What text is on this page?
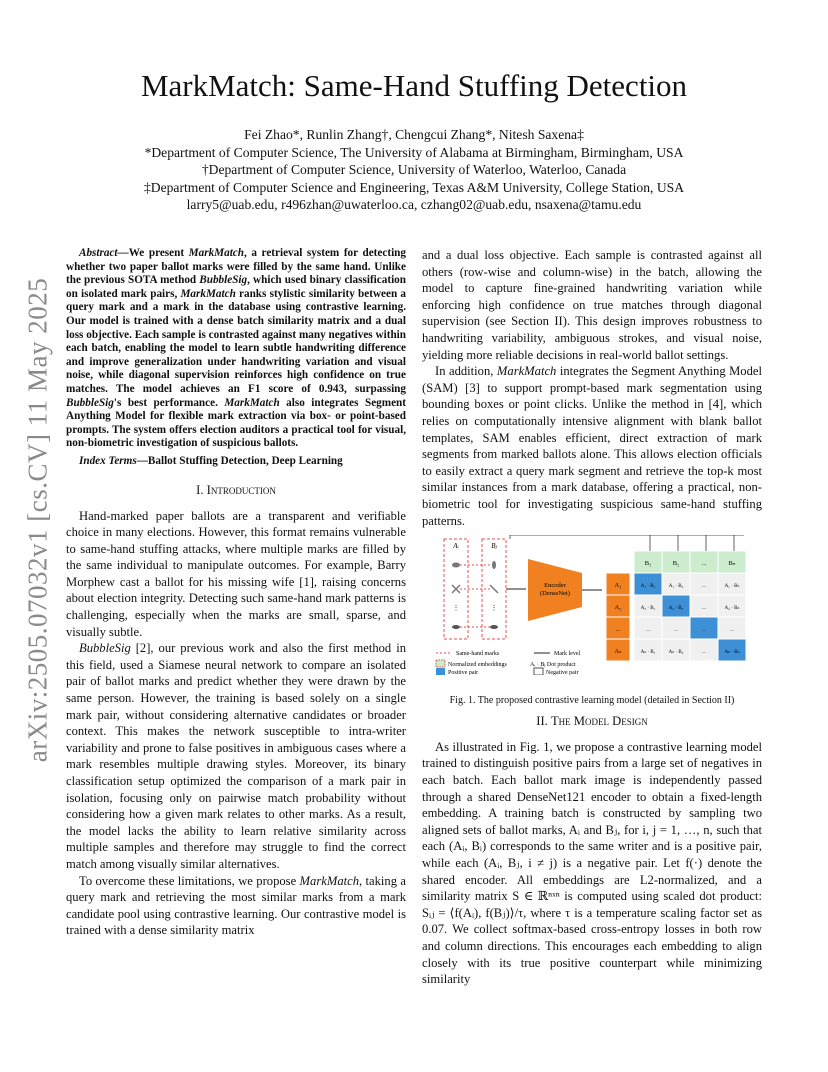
arXiv:2505.07032v1 [cs.CV] 11 May 2025
MarkMatch: Same-Hand Stuffing Detection
Fei Zhao*, Runlin Zhang†, Chengcui Zhang*, Nitesh Saxena‡
*Department of Computer Science, The University of Alabama at Birmingham, Birmingham, USA
†Department of Computer Science, University of Waterloo, Waterloo, Canada
‡Department of Computer Science and Engineering, Texas A&M University, College Station, USA
larry5@uab.edu, r496zhan@uwaterloo.ca, czhang02@uab.edu, nsaxena@tamu.edu

Abstract—We present MarkMatch, a retrieval system for detecting whether two paper ballot marks were filled by the same hand. Unlike the previous SOTA method BubbleSig, which used binary classification on isolated mark pairs, MarkMatch ranks stylistic similarity between a query mark and a mark in the database using contrastive learning. Our model is trained with a dense batch similarity matrix and a dual loss objective. Each sample is contrasted against many negatives within each batch, enabling the model to learn subtle handwriting difference and improve generalization under handwriting variation and visual noise, while diagonal supervision reinforces high confidence on true matches. The model achieves an F1 score of 0.943, surpassing BubbleSig's best performance. MarkMatch also integrates Segment Anything Model for flexible mark extraction via box- or point-based prompts. The system offers election auditors a practical tool for visual, non-biometric investigation of suspicious ballots.

Index Terms—Ballot Stuffing Detection, Deep Learning

I. Introduction

Hand-marked paper ballots are a transparent and verifiable choice in many elections. However, this format remains vulnerable to same-hand stuffing attacks, where multiple marks are filled by the same individual to manipulate outcomes. For example, Barry Morphew cast a ballot for his missing wife [1], raising concerns about election integrity. Detecting such same-hand mark patterns is challenging, especially when the marks are small, sparse, and visually subtle.

BubbleSig [2], our previous work and also the first method in this field, used a Siamese neural network to compare an isolated pair of ballot marks and predict whether they were drawn by the same person. However, the training is based solely on a single mark pair, without considering alternative candidates or broader context. This makes the network susceptible to intra-writer variability and prone to false positives in ambiguous cases where a mark resembles multiple drawing styles. Moreover, its binary classification setup optimized the comparison of a mark pair in isolation, focusing only on pairwise match probability without considering how a given mark relates to other marks. As a result, the model lacks the ability to learn relative similarity across multiple samples and therefore may struggle to find the correct match among visually similar alternatives.

To overcome these limitations, we propose MarkMatch, taking a query mark and retrieving the most similar marks from a mark candidate pool using contrastive learning. Our contrastive model is trained with a dense similarity matrix

and a dual loss objective. Each sample is contrasted against all others (row-wise and column-wise) in the batch, allowing the model to capture fine-grained handwriting variation while enforcing high confidence on true matches through diagonal supervision (see Section II). This design improves robustness to handwriting variability, ambiguous strokes, and visual noise, yielding more reliable decisions in real-world ballot settings.

In addition, MarkMatch integrates the Segment Anything Model (SAM) [3] to support prompt-based mark segmentation using bounding boxes or point clicks. Unlike the method in [4], which relies on computationally intensive alignment with blank ballot templates, SAM enables efficient, direct extraction of mark segments from marked ballots alone. This allows election officials to easily extract a query mark segment and retrieve the top-k most similar instances from a mark database, offering a practical, non-biometric tool for investigating suspicious same-hand stuffing patterns.

Aᵢ	Bⱼ
⋮	⋮
Encoder
(DenseNet)
B₁	B₂	...	Bₙ
A₁	A₁ · B₁	A₁ · B₂	...	A₁ · Bₙ
A₂	A₂ · B₁	A₂ · B₂	...	A₂ · Bₙ
...	...	...	...	...
Aₙ	Aₙ · B₁	Aₙ · B₂	...	Aₙ · Bₙ
Same-hand marks	Mark level
Normalized embeddings	Aᵢ · Bⱼ Dot product
Positive pair	Negative pair

Fig. 1. The proposed contrastive learning model (detailed in Section II)

II. The Model Design

As illustrated in Fig. 1, we propose a contrastive learning model trained to distinguish positive pairs from a large set of negatives in each batch. Each ballot mark image is independently passed through a shared DenseNet121 encoder to obtain a fixed-length embedding. A training batch is constructed by sampling two aligned sets of ballot marks, Aᵢ and Bⱼ, for i, j = 1, …, n, such that each (Aᵢ, Bᵢ) corresponds to the same writer and is a positive pair, while each (Aᵢ, Bⱼ, i ≠ j) is a negative pair. Let f(·) denote the shared encoder. All embeddings are L2-normalized, and a similarity matrix S ∈ ℝⁿˣⁿ is computed using scaled dot product: Sᵢⱼ = ⟨f(Aᵢ), f(Bⱼ)⟩/τ, where τ is a temperature scaling factor set as 0.07. We collect softmax-based cross-entropy losses in both row and column directions. This encourages each embedding to align closely with its true positive counterpart while minimizing similarity
